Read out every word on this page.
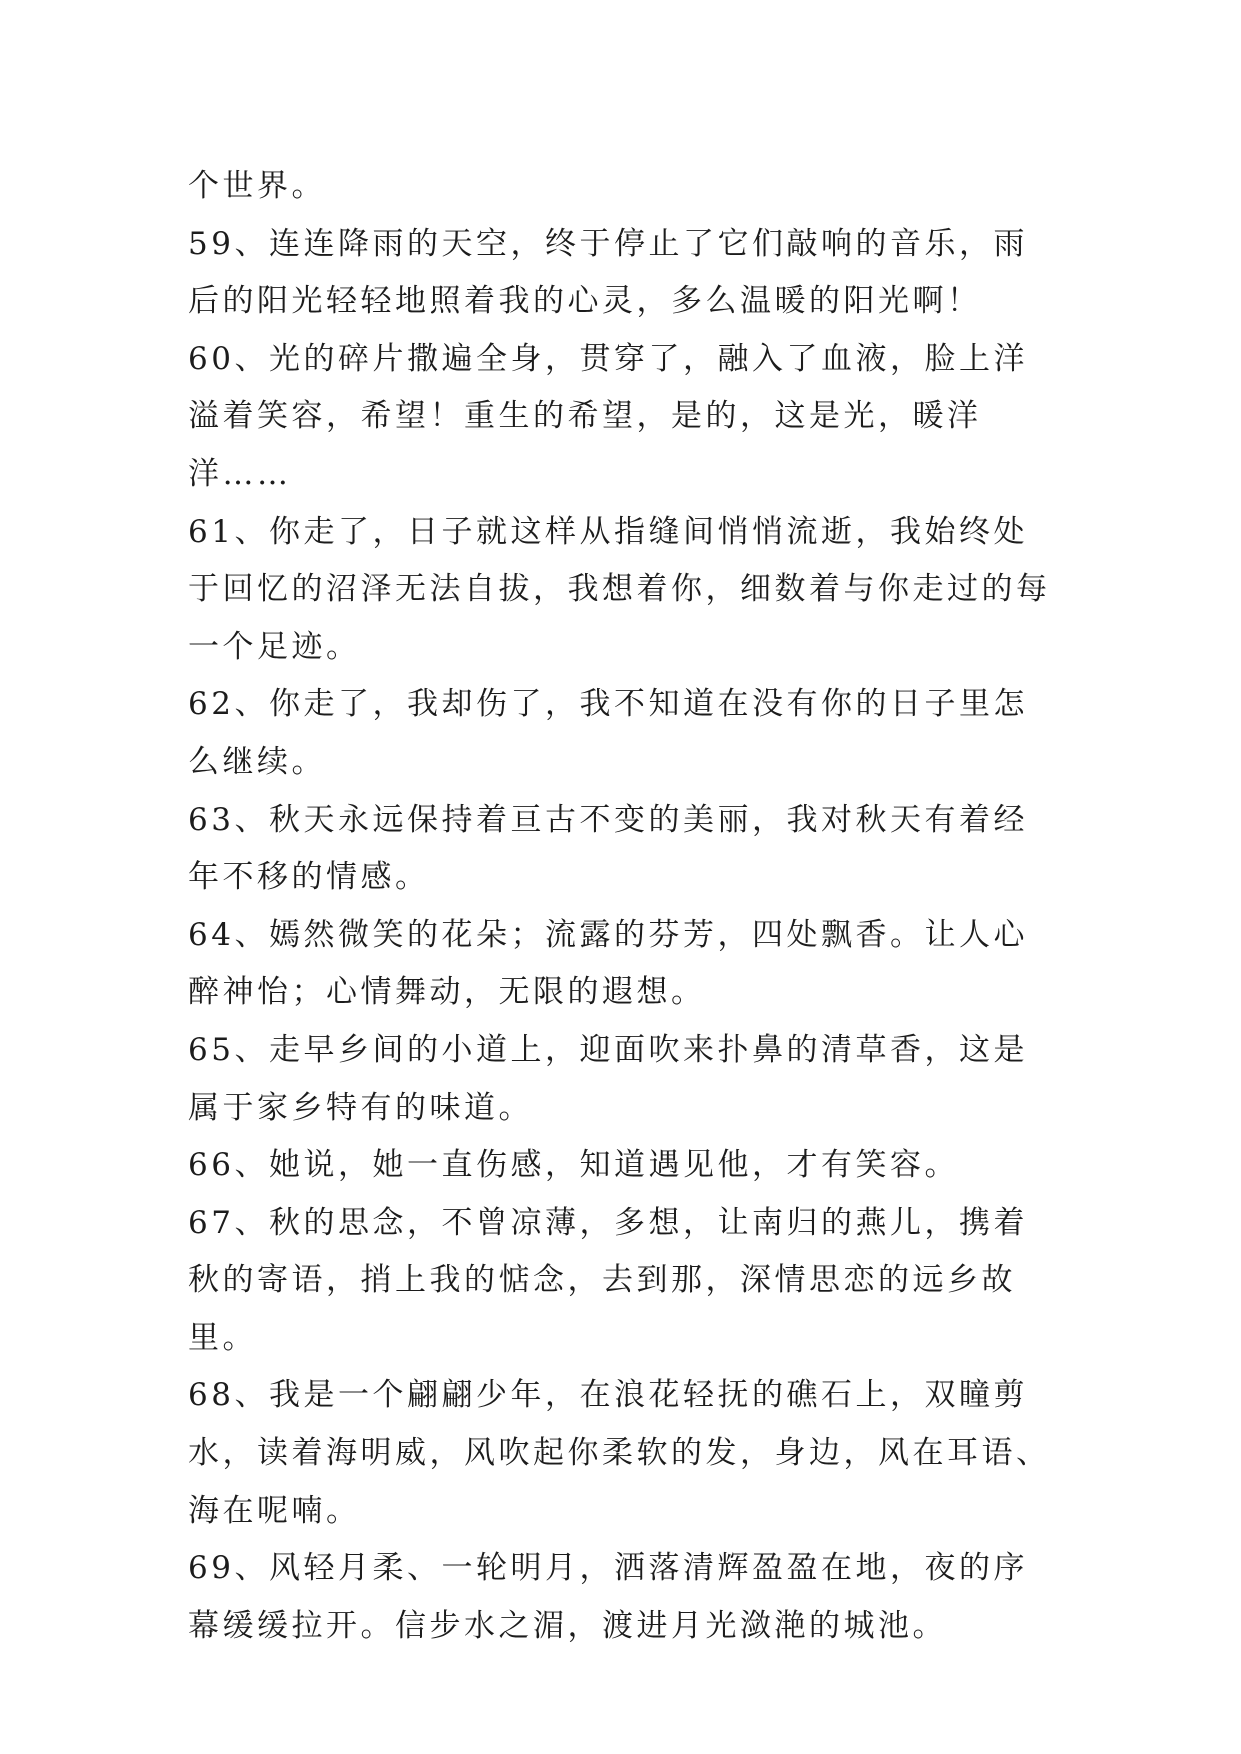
个世界。

59、连连降雨的天空，终于停止了它们敲响的音乐，雨后的阳光轻轻地照着我的心灵，多么温暖的阳光啊！

60、光的碎片撒遍全身，贯穿了，融入了血液，脸上洋溢着笑容，希望！重生的希望，是的，这是光，暖洋洋……

61、你走了，日子就这样从指缝间悄悄流逝，我始终处于回忆的沼泽无法自拔，我想着你，细数着与你走过的每一个足迹。

62、你走了，我却伤了，我不知道在没有你的日子里怎么继续。

63、秋天永远保持着亘古不变的美丽，我对秋天有着经年不移的情感。

64、嫣然微笑的花朵；流露的芬芳，四处飘香。让人心醉神怡；心情舞动，无限的遐想。

65、走早乡间的小道上，迎面吹来扑鼻的清草香，这是属于家乡特有的味道。

66、她说，她一直伤感，知道遇见他，才有笑容。

67、秋的思念，不曾凉薄，多想，让南归的燕儿，携着秋的寄语，捎上我的惦念，去到那，深情思恋的远乡故里。

68、我是一个翩翩少年，在浪花轻抚的礁石上，双瞳剪水，读着海明威，风吹起你柔软的发，身边，风在耳语、海在呢喃。

69、风轻月柔、一轮明月，洒落清辉盈盈在地，夜的序幕缓缓拉开。信步水之湄，渡进月光潋滟的城池。
